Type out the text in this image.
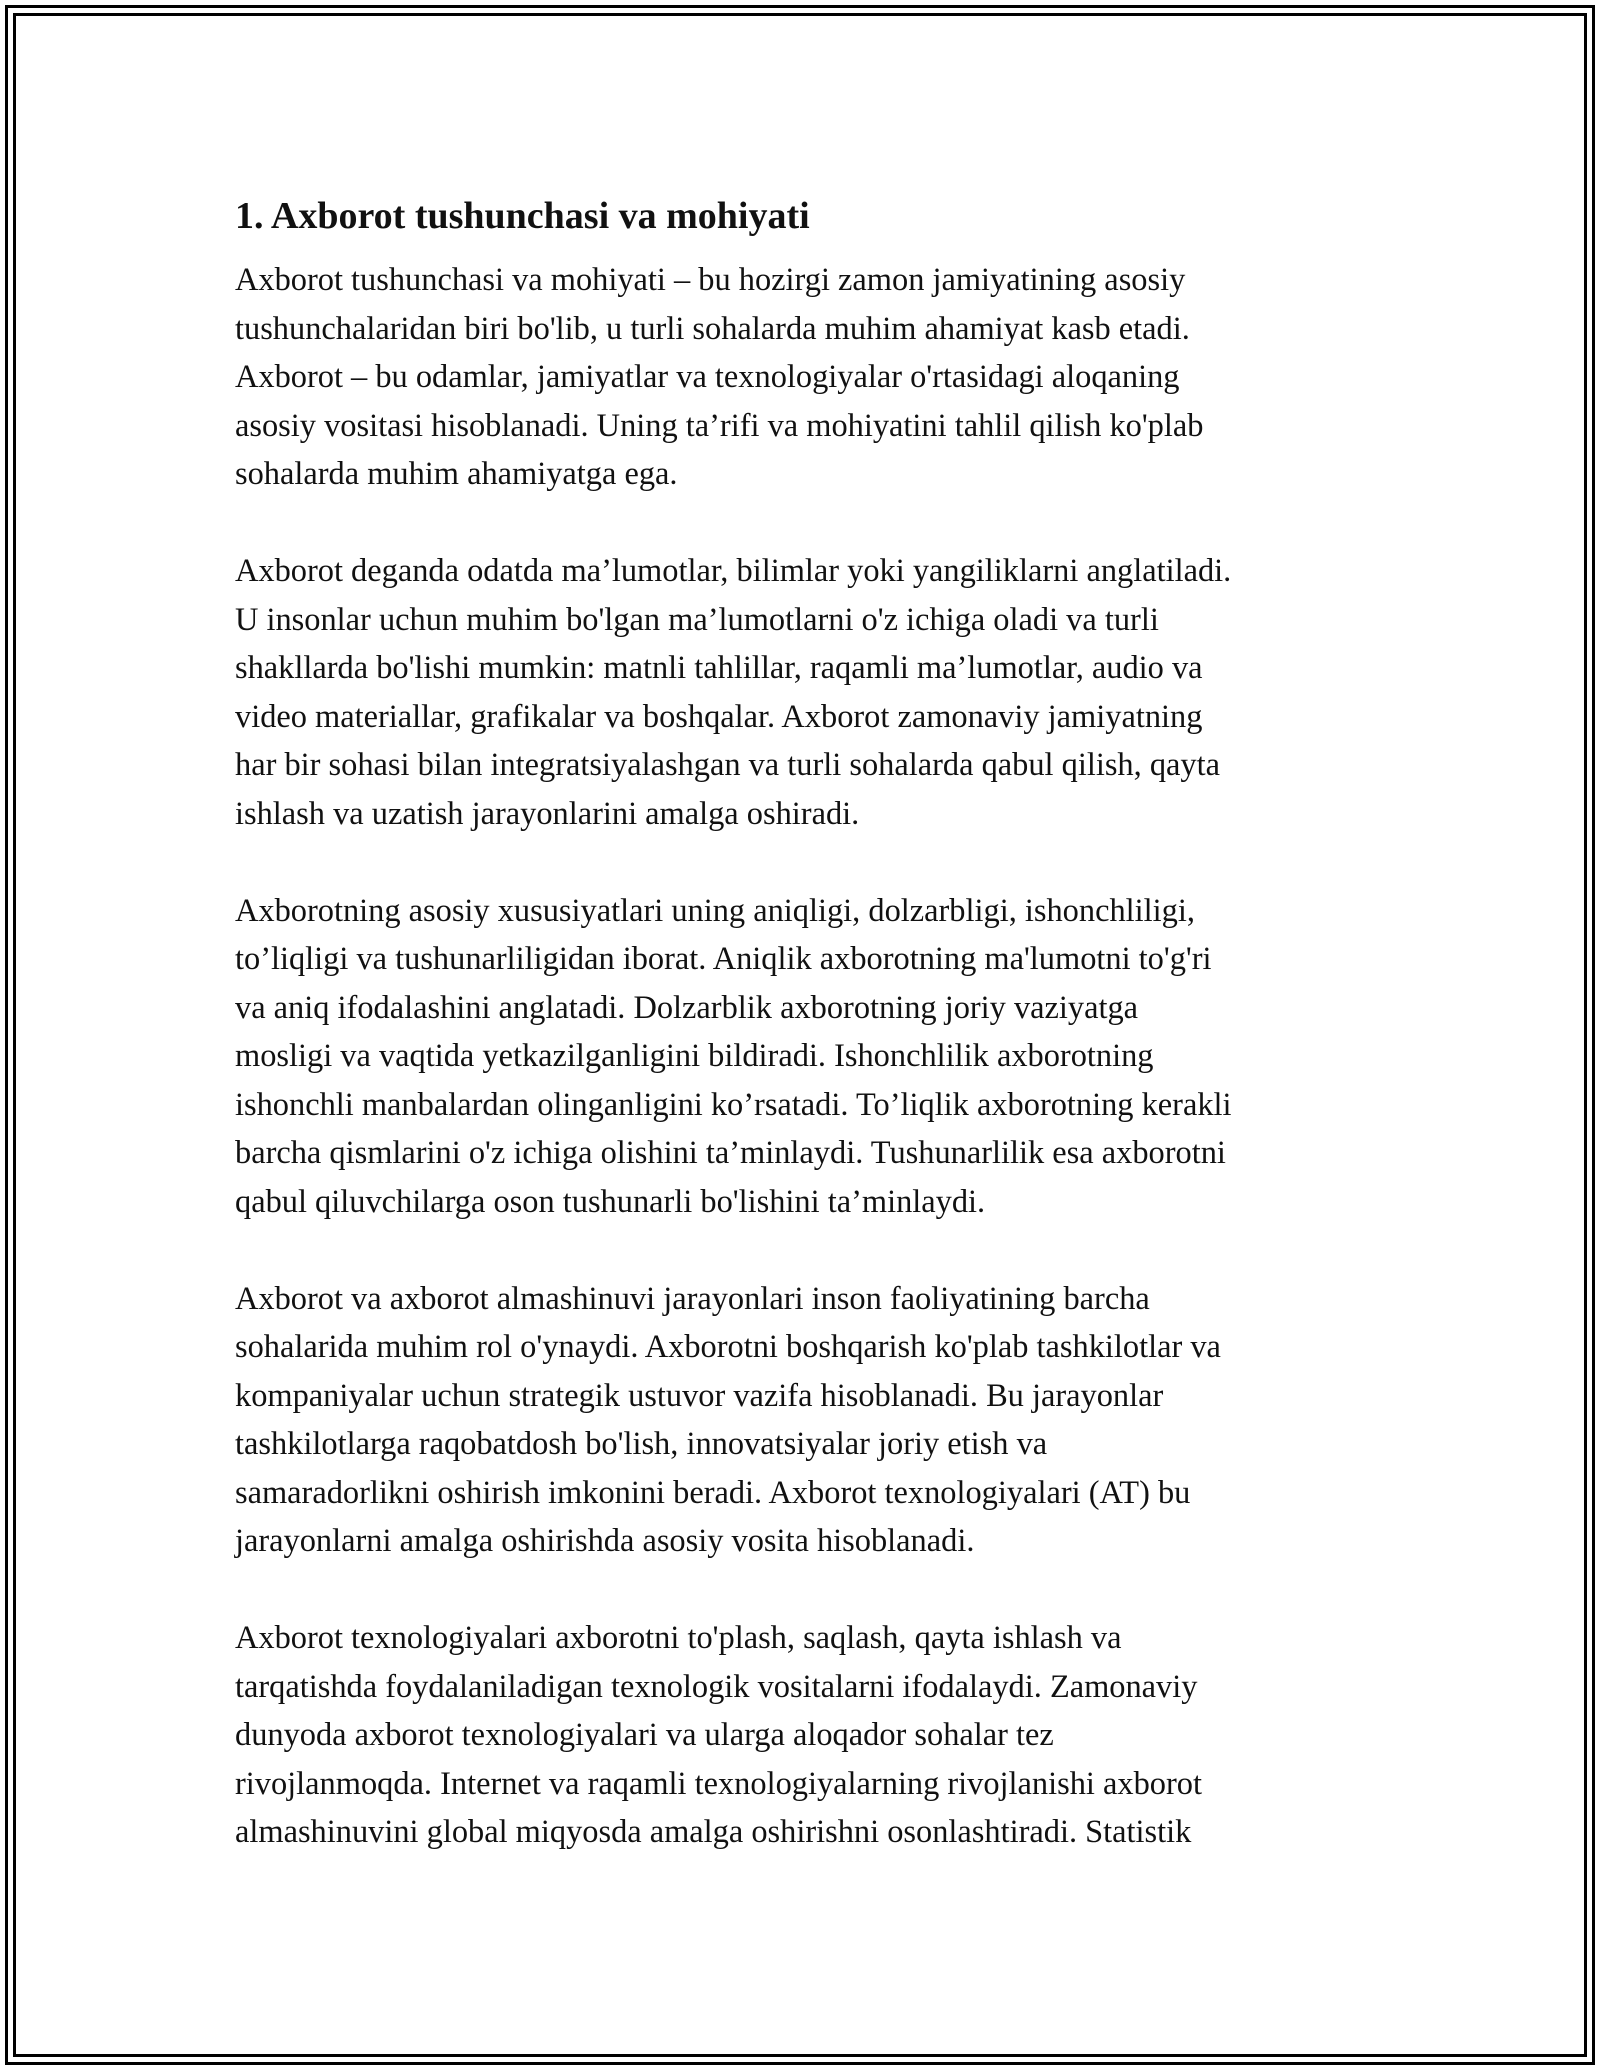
1. Axborot tushunchasi va mohiyati

Axborot tushunchasi va mohiyati – bu hozirgi zamon jamiyatining asosiy
tushunchalaridan biri bo'lib, u turli sohalarda muhim ahamiyat kasb etadi.
Axborot – bu odamlar, jamiyatlar va texnologiyalar o'rtasidagi aloqaning
asosiy vositasi hisoblanadi. Uning ta’rifi va mohiyatini tahlil qilish ko'plab
sohalarda muhim ahamiyatga ega.

Axborot deganda odatda ma’lumotlar, bilimlar yoki yangiliklarni anglatiladi.
U insonlar uchun muhim bo'lgan ma’lumotlarni o'z ichiga oladi va turli
shakllarda bo'lishi mumkin: matnli tahlillar, raqamli ma’lumotlar, audio va
video materiallar, grafikalar va boshqalar. Axborot zamonaviy jamiyatning
har bir sohasi bilan integratsiyalashgan va turli sohalarda qabul qilish, qayta
ishlash va uzatish jarayonlarini amalga oshiradi.

Axborotning asosiy xususiyatlari uning aniqligi, dolzarbligi, ishonchliligi,
to’liqligi va tushunarliligidan iborat. Aniqlik axborotning ma'lumotni to'g'ri
va aniq ifodalashini anglatadi. Dolzarblik axborotning joriy vaziyatga
mosligi va vaqtida yetkazilganligini bildiradi. Ishonchlilik axborotning
ishonchli manbalardan olinganligini ko’rsatadi. To’liqlik axborotning kerakli
barcha qismlarini o'z ichiga olishini ta’minlaydi. Tushunarlilik esa axborotni
qabul qiluvchilarga oson tushunarli bo'lishini ta’minlaydi.

Axborot va axborot almashinuvi jarayonlari inson faoliyatining barcha
sohalarida muhim rol o'ynaydi. Axborotni boshqarish ko'plab tashkilotlar va
kompaniyalar uchun strategik ustuvor vazifa hisoblanadi. Bu jarayonlar
tashkilotlarga raqobatdosh bo'lish, innovatsiyalar joriy etish va
samaradorlikni oshirish imkonini beradi. Axborot texnologiyalari (AT) bu
jarayonlarni amalga oshirishda asosiy vosita hisoblanadi.

Axborot texnologiyalari axborotni to'plash, saqlash, qayta ishlash va
tarqatishda foydalaniladigan texnologik vositalarni ifodalaydi. Zamonaviy
dunyoda axborot texnologiyalari va ularga aloqador sohalar tez
rivojlanmoqda. Internet va raqamli texnologiyalarning rivojlanishi axborot
almashinuvini global miqyosda amalga oshirishni osonlashtiradi. Statistik
